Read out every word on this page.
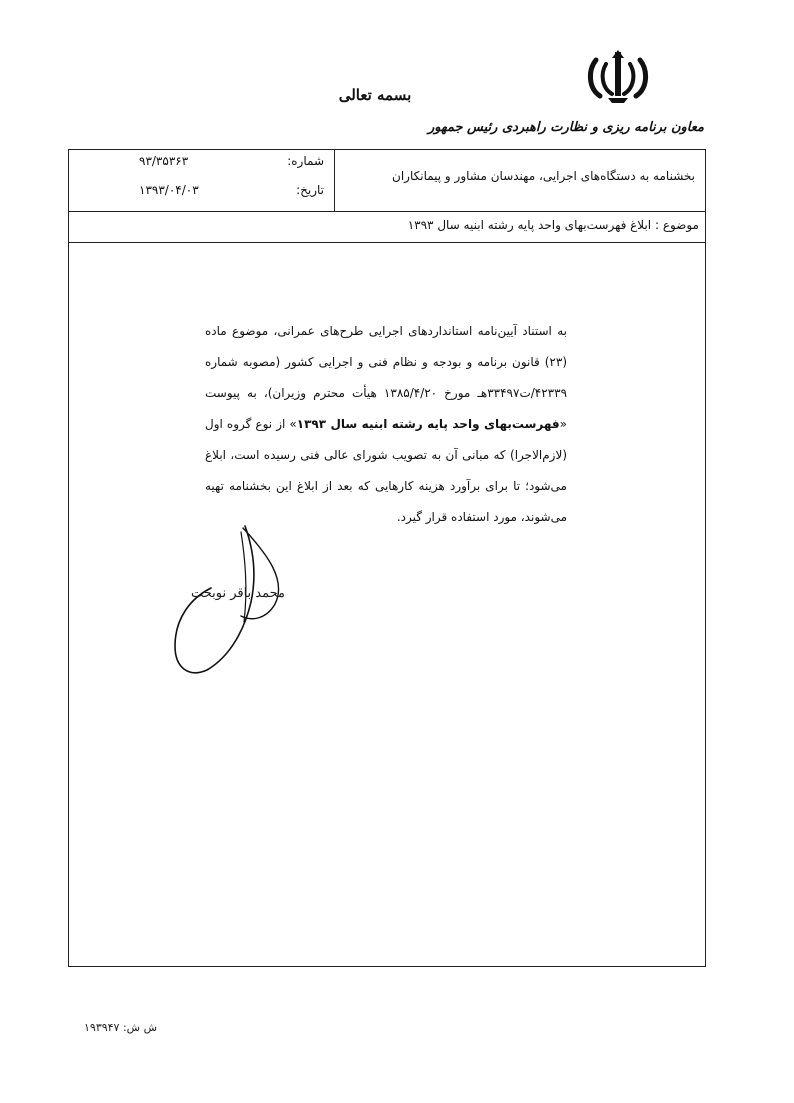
بسمه تعالی
معاون برنامه ریزی و نظارت راهبردی رئیس جمهور
شماره:
۹۳/۳۵۳۶۳
تاریخ:
۱۳۹۳/۰۴/۰۳
بخشنامه به دستگاه‌های اجرایی، مهندسان مشاور و پیمانکاران
موضوع : ابلاغ فهرست‌بهای واحد پایه رشته ابنیه سال ۱۳۹۳
به استناد آیین‌نامه استانداردهای اجرایی طرح‌های عمرانی، موضوع ماده (۲۳) قانون برنامه و بودجه و نظام فنی و اجرایی کشور (مصوبه شماره ۴۲۳۳۹/ت۳۳۴۹۷هـ مورخ ۱۳۸۵/۴/۲۰ هیأت محترم وزیران)، به پیوست «فهرست‌بهای واحد پایه رشته ابنیه سال ۱۳۹۳» از نوع گروه اول (لازم‌الاجرا) که مبانی آن به تصویب شورای عالی فنی رسیده است، ابلاغ می‌شود؛ تا برای برآورد هزینه کارهایی که بعد از ابلاغ این بخشنامه تهیه می‌شوند، مورد استفاده قرار گیرد.
محمد باقر نوبخت
ش ش: ۱۹۳۹۴۷
